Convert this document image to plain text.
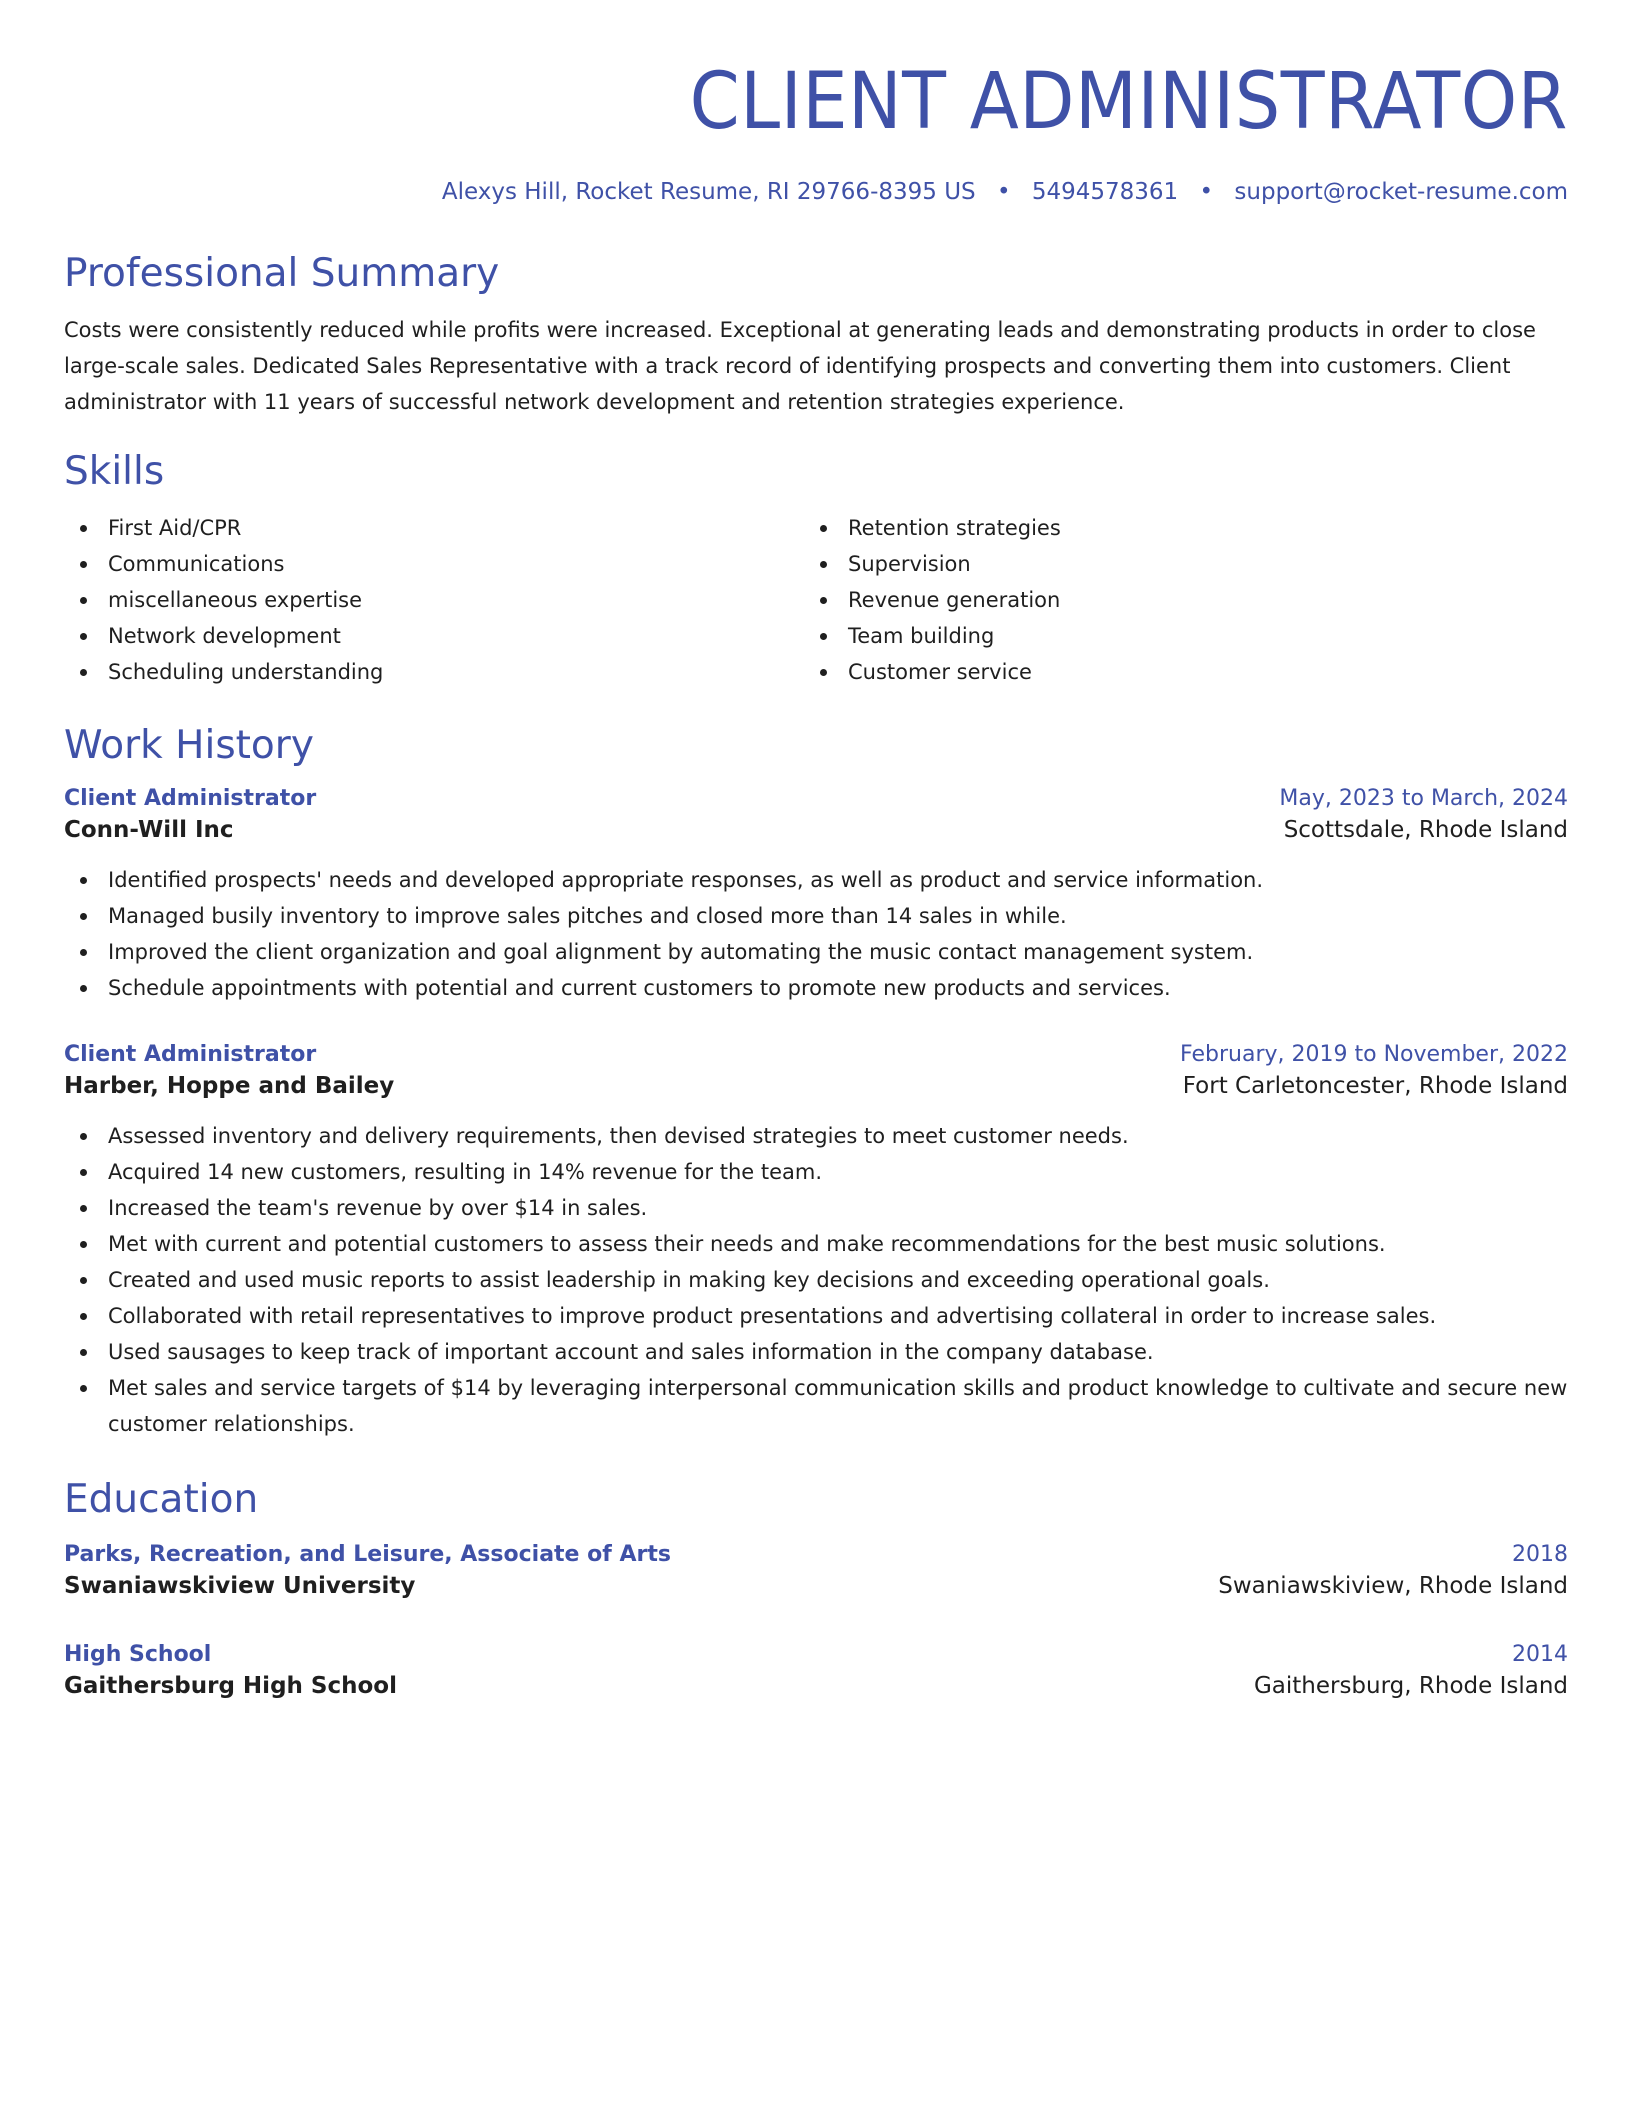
CLIENT ADMINISTRATOR
Alexys Hill, Rocket Resume, RI 29766-8395 US • 5494578361 • support@rocket-resume.com
Professional Summary

Costs were consistently reduced while profits were increased. Exceptional at generating leads and demonstrating products in order to close large-scale sales. Dedicated Sales Representative with a track record of identifying prospects and converting them into customers. Client administrator with 11 years of successful network development and retention strategies experience.

Skills
First Aid/CPR
Communications
miscellaneous expertise
Network development
Scheduling understanding
Retention strategies
Supervision
Revenue generation
Team building
Customer service
Work History
Client Administrator	May, 2023 to March, 2024
Conn-Will Inc	Scottsdale, Rhode Island
Identified prospects' needs and developed appropriate responses, as well as product and service information.
Managed busily inventory to improve sales pitches and closed more than 14 sales in while.
Improved the client organization and goal alignment by automating the music contact management system.
Schedule appointments with potential and current customers to promote new products and services.
Client Administrator	February, 2019 to November, 2022
Harber, Hoppe and Bailey	Fort Carletoncester, Rhode Island
Assessed inventory and delivery requirements, then devised strategies to meet customer needs.
Acquired 14 new customers, resulting in 14% revenue for the team.
Increased the team's revenue by over $14 in sales.
Met with current and potential customers to assess their needs and make recommendations for the best music solutions.
Created and used music reports to assist leadership in making key decisions and exceeding operational goals.
Collaborated with retail representatives to improve product presentations and advertising collateral in order to increase sales.
Used sausages to keep track of important account and sales information in the company database.
Met sales and service targets of $14 by leveraging interpersonal communication skills and product knowledge to cultivate and secure new customer relationships.
Education
Parks, Recreation, and Leisure, Associate of Arts	2018
Swaniawskiview University	Swaniawskiview, Rhode Island
High School	2014
Gaithersburg High School	Gaithersburg, Rhode Island
